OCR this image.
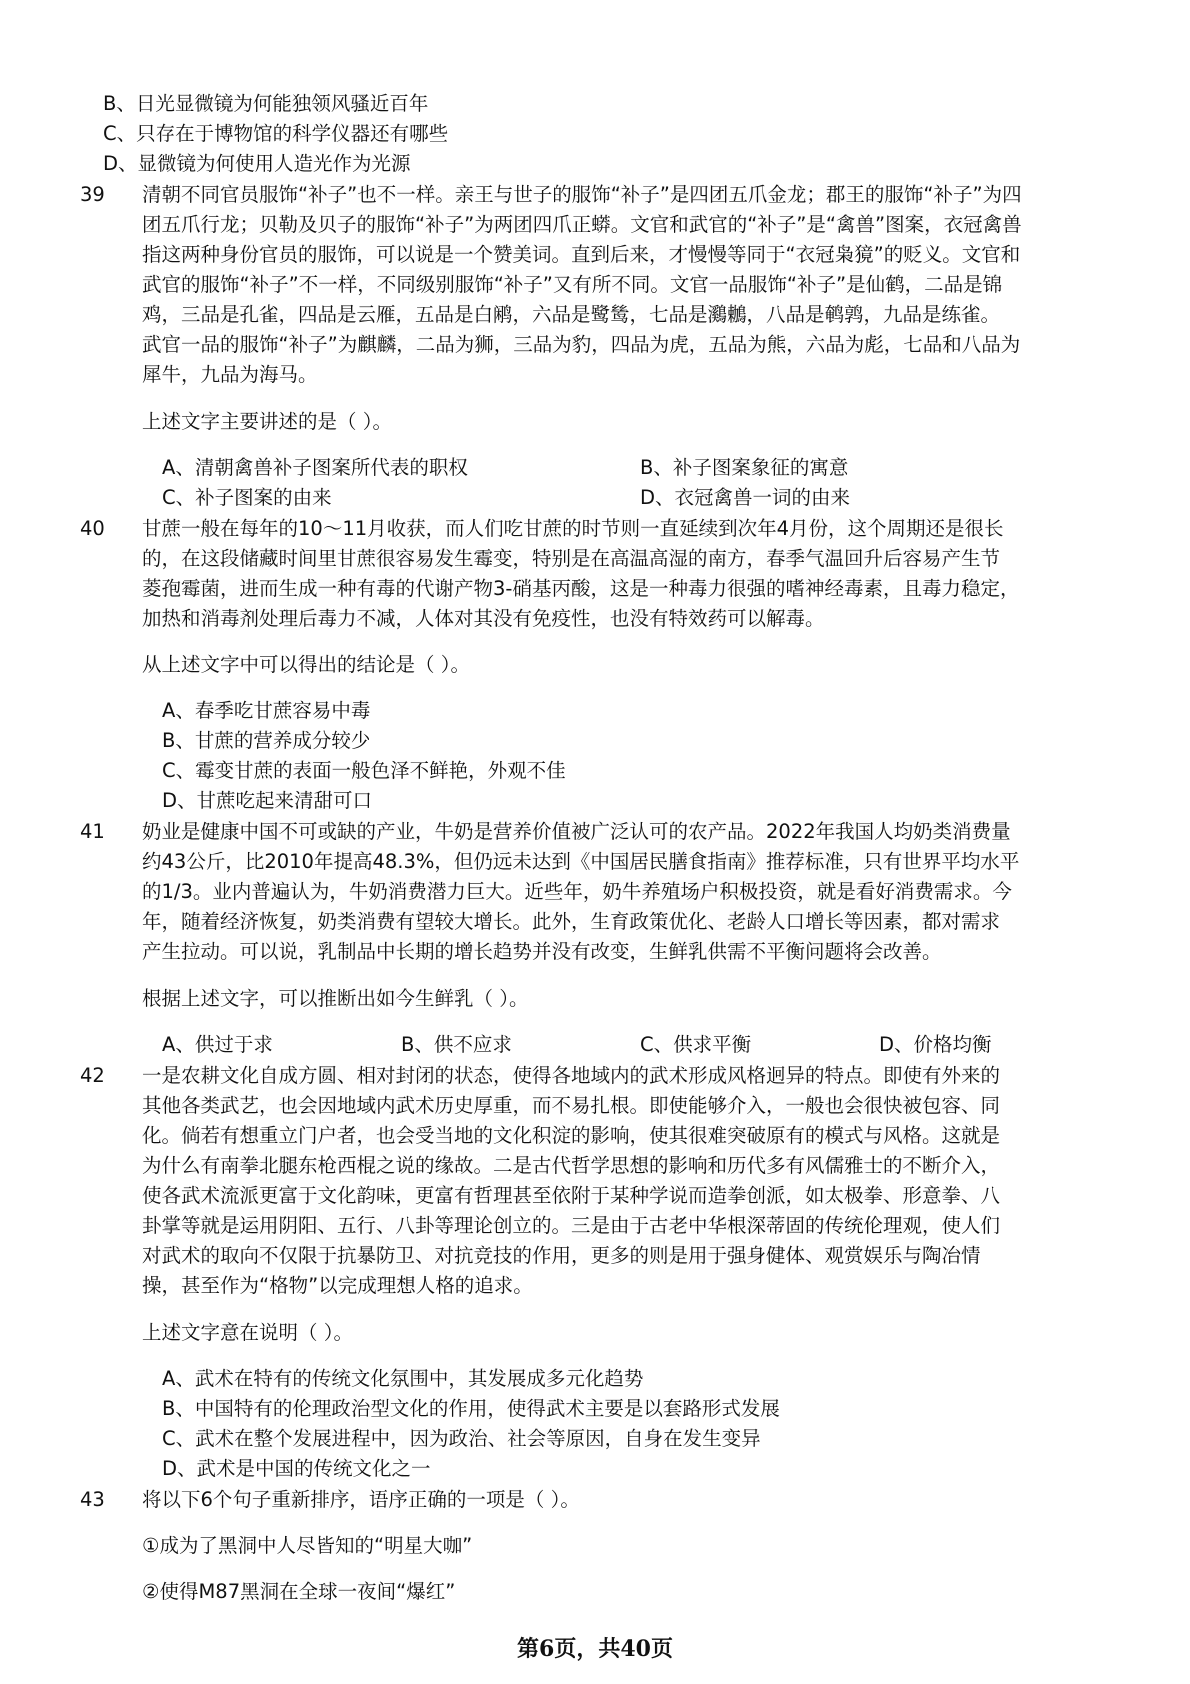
B、日光显微镜为何能独领风骚近百年
C、只存在于博物馆的科学仪器还有哪些
D、显微镜为何使用人造光作为光源
39 清朝不同官员服饰“补子”也不一样。亲王与世子的服饰“补子”是四团五爪金龙；郡王的服饰“补子”为四
团五爪行龙；贝勒及贝子的服饰“补子”为两团四爪正蟒。文官和武官的“补子”是“禽兽”图案，衣冠禽兽
指这两种身份官员的服饰，可以说是一个赞美词。直到后来，才慢慢等同于“衣冠枭獍”的贬义。文官和
武官的服饰“补子”不一样，不同级别服饰“补子”又有所不同。文官一品服饰“补子”是仙鹤，二品是锦
鸡，三品是孔雀，四品是云雁，五品是白鹇，六品是鹭鸶，七品是鸂鶒，八品是鹌鹑，九品是练雀。
武官一品的服饰“补子”为麒麟，二品为狮，三品为豹，四品为虎，五品为熊，六品为彪，七品和八品为
犀牛，九品为海马。
上述文字主要讲述的是（ ）。
A、清朝禽兽补子图案所代表的职权	B、补子图案象征的寓意
C、补子图案的由来	D、衣冠禽兽一词的由来
40 甘蔗一般在每年的10～11月收获，而人们吃甘蔗的时节则一直延续到次年4月份，这个周期还是很长
的，在这段储藏时间里甘蔗很容易发生霉变，特别是在高温高湿的南方，春季气温回升后容易产生节
菱孢霉菌，进而生成一种有毒的代谢产物3-硝基丙酸，这是一种毒力很强的嗜神经毒素，且毒力稳定，
加热和消毒剂处理后毒力不减，人体对其没有免疫性，也没有特效药可以解毒。
从上述文字中可以得出的结论是（ ）。
A、春季吃甘蔗容易中毒
B、甘蔗的营养成分较少
C、霉变甘蔗的表面一般色泽不鲜艳，外观不佳
D、甘蔗吃起来清甜可口
41 奶业是健康中国不可或缺的产业，牛奶是营养价值被广泛认可的农产品。2022年我国人均奶类消费量
约43公斤，比2010年提高48.3%，但仍远未达到《中国居民膳食指南》推荐标准，只有世界平均水平
的1/3。业内普遍认为，牛奶消费潜力巨大。近些年，奶牛养殖场户积极投资，就是看好消费需求。今
年，随着经济恢复，奶类消费有望较大增长。此外，生育政策优化、老龄人口增长等因素，都对需求
产生拉动。可以说，乳制品中长期的增长趋势并没有改变，生鲜乳供需不平衡问题将会改善。
根据上述文字，可以推断出如今生鲜乳（ ）。
A、供过于求	B、供不应求	C、供求平衡	D、价格均衡
42 一是农耕文化自成方圆、相对封闭的状态，使得各地域内的武术形成风格迥异的特点。即使有外来的
其他各类武艺，也会因地域内武术历史厚重，而不易扎根。即使能够介入，一般也会很快被包容、同
化。倘若有想重立门户者，也会受当地的文化积淀的影响，使其很难突破原有的模式与风格。这就是
为什么有南拳北腿东枪西棍之说的缘故。二是古代哲学思想的影响和历代多有风儒雅士的不断介入，
使各武术流派更富于文化韵味，更富有哲理甚至依附于某种学说而造拳创派，如太极拳、形意拳、八
卦掌等就是运用阴阳、五行、八卦等理论创立的。三是由于古老中华根深蒂固的传统伦理观，使人们
对武术的取向不仅限于抗暴防卫、对抗竞技的作用，更多的则是用于强身健体、观赏娱乐与陶冶情
操，甚至作为“格物”以完成理想人格的追求。
上述文字意在说明（ ）。
A、武术在特有的传统文化氛围中，其发展成多元化趋势
B、中国特有的伦理政治型文化的作用，使得武术主要是以套路形式发展
C、武术在整个发展进程中，因为政治、社会等原因，自身在发生变异
D、武术是中国的传统文化之一
43 将以下6个句子重新排序，语序正确的一项是（ ）。
①成为了黑洞中人尽皆知的“明星大咖”
②使得M87黑洞在全球一夜间“爆红”
第6页，共40页
